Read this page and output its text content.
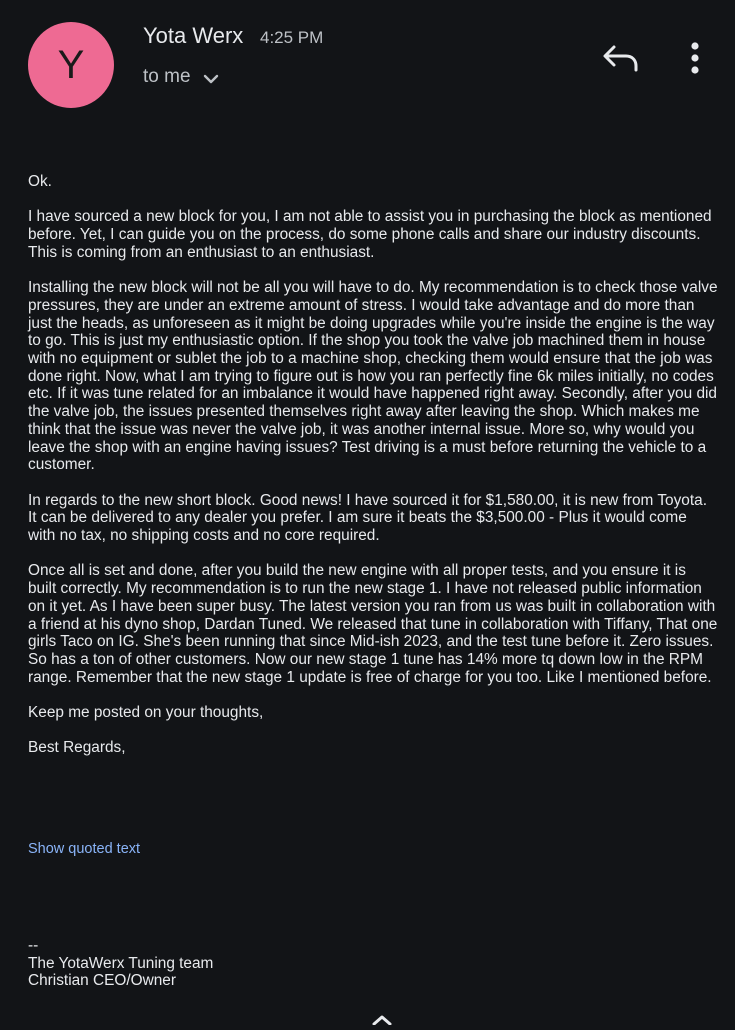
Y
Yota Werx 4:25 PM
to me

Ok.

I have sourced a new block for you, I am not able to assist you in purchasing the block as mentioned before. Yet, I can guide you on the process, do some phone calls and share our industry discounts. This is coming from an enthusiast to an enthusiast.

Installing the new block will not be all you will have to do. My recommendation is to check those valve pressures, they are under an extreme amount of stress. I would take advantage and do more than just the heads, as unforeseen as it might be doing upgrades while you're inside the engine is the way to go. This is just my enthusiastic option. If the shop you took the valve job machined them in house with no equipment or sublet the job to a machine shop, checking them would ensure that the job was done right. Now, what I am trying to figure out is how you ran perfectly fine 6k miles initially, no codes etc. If it was tune related for an imbalance it would have happened right away. Secondly, after you did the valve job, the issues presented themselves right away after leaving the shop. Which makes me think that the issue was never the valve job, it was another internal issue. More so, why would you leave the shop with an engine having issues? Test driving is a must before returning the vehicle to a customer.

In regards to the new short block. Good news! I have sourced it for $1,580.00, it is new from Toyota. It can be delivered to any dealer you prefer. I am sure it beats the $3,500.00 - Plus it would come with no tax, no shipping costs and no core required.

Once all is set and done, after you build the new engine with all proper tests, and you ensure it is built correctly. My recommendation is to run the new stage 1. I have not released public information on it yet. As I have been super busy. The latest version you ran from us was built in collaboration with a friend at his dyno shop, Dardan Tuned. We released that tune in collaboration with Tiffany, That one girls Taco on IG. She's been running that since Mid-ish 2023, and the test tune before it. Zero issues. So has a ton of other customers. Now our new stage 1 tune has 14% more tq down low in the RPM range. Remember that the new stage 1 update is free of charge for you too. Like I mentioned before.

Keep me posted on your thoughts,

Best Regards,

Show quoted text
--
The YotaWerx Tuning team
Christian CEO/Owner
